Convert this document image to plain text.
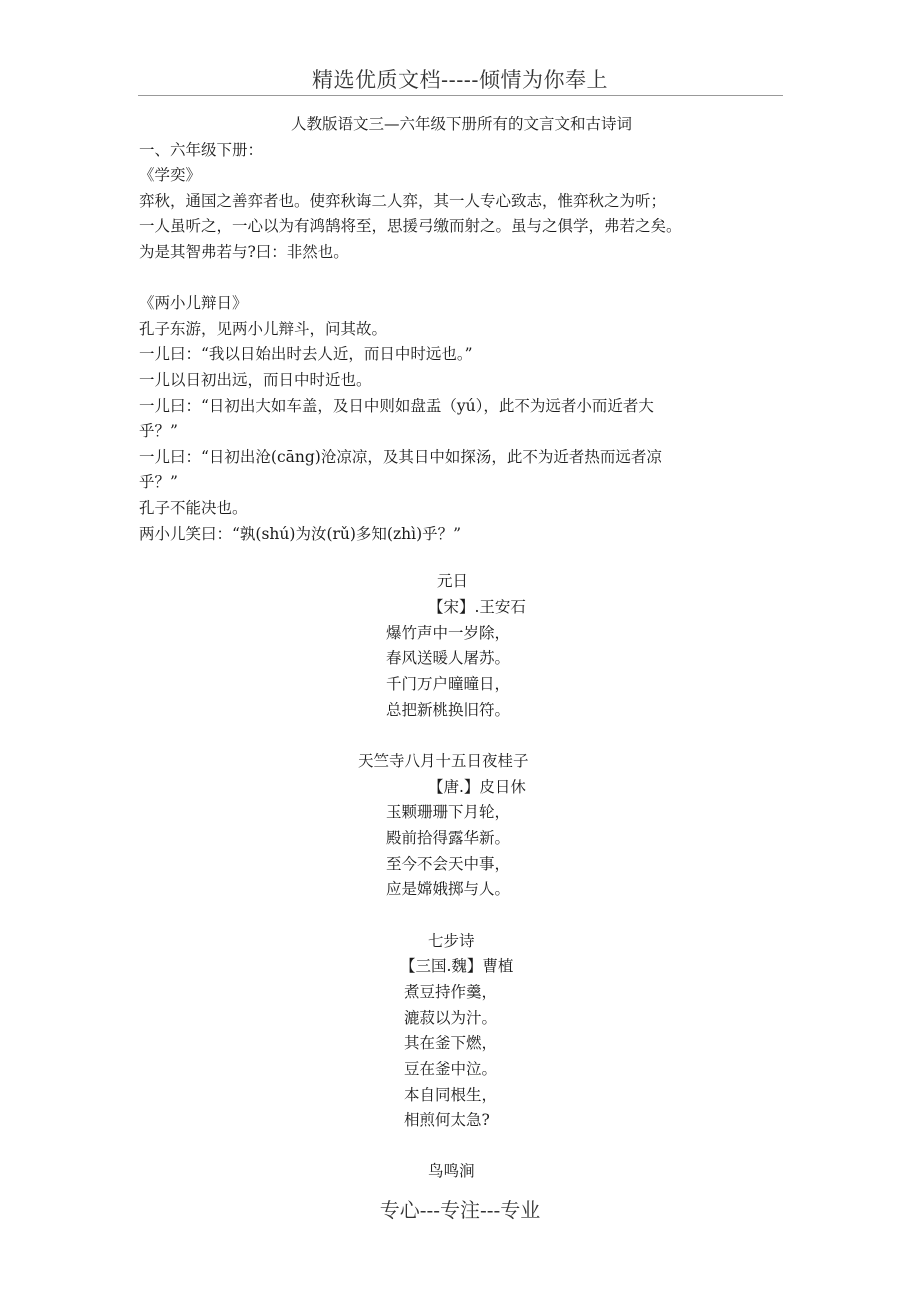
精选优质文档-----倾情为你奉上
人教版语文三—六年级下册所有的文言文和古诗词
一、六年级下册：
《学奕》
弈秋，通国之善弈者也。使弈秋诲二人弈，其一人专心致志，惟弈秋之为听；
一人虽听之，一心以为有鸿鹄将至，思援弓缴而射之。虽与之俱学，弗若之矣。
为是其智弗若与?曰：非然也。
《两小儿辩日》
孔子东游，见两小儿辩斗，问其故。
一儿曰：“我以日始出时去人近，而日中时远也。”
一儿以日初出远，而日中时近也。
一儿曰：“日初出大如车盖，及日中则如盘盂（yú），此不为远者小而近者大
乎？”
一儿曰：“日初出沧(cāng)沧凉凉，及其日中如探汤，此不为近者热而远者凉
乎？”
孔子不能决也。
两小儿笑曰：“孰(shú)为汝(rǔ)多知(zhì)乎？”
元日
【宋】.王安石
爆竹声中一岁除，
春风送暖人屠苏。
千门万户曈曈日，
总把新桃换旧符。
天竺寺八月十五日夜桂子
【唐.】皮日休
玉颗珊珊下月轮，
殿前拾得露华新。
至今不会天中事，
应是嫦娥掷与人。
七步诗
【三国.魏】曹植
煮豆持作羹，
漉菽以为汁。
其在釜下燃，
豆在釜中泣。
本自同根生，
相煎何太急?
鸟鸣涧
专心---专注---专业
